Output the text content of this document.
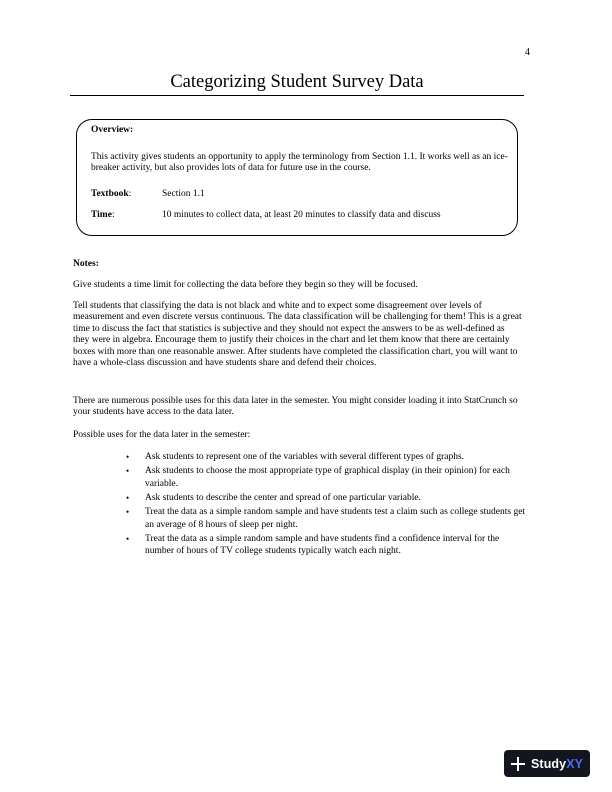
4
Categorizing Student Survey Data
Overview:
This activity gives students an opportunity to apply the terminology from Section 1.1. It works well as an ice-breaker activity, but also provides lots of data for future use in the course.
Textbook:	Section 1.1
Time:	10 minutes to collect data, at least 20 minutes to classify data and discuss
Notes:
Give students a time limit for collecting the data before they begin so they will be focused.
Tell students that classifying the data is not black and white and to expect some disagreement over levels of measurement and even discrete versus continuous. The data classification will be challenging for them! This is a great time to discuss the fact that statistics is subjective and they should not expect the answers to be as well-defined as they were in algebra. Encourage them to justify their choices in the chart and let them know that there are certainly boxes with more than one reasonable answer. After students have completed the classification chart, you will want to have a whole-class discussion and have students share and defend their choices.
There are numerous possible uses for this data later in the semester. You might consider loading it into StatCrunch so your students have access to the data later.
Possible uses for the data later in the semester:
• Ask students to represent one of the variables with several different types of graphs.
• Ask students to choose the most appropriate type of graphical display (in their opinion) for each variable.
• Ask students to describe the center and spread of one particular variable.
• Treat the data as a simple random sample and have students test a claim such as college students get an average of 8 hours of sleep per night.
• Treat the data as a simple random sample and have students find a confidence interval for the number of hours of TV college students typically watch each night.
StudyXY
